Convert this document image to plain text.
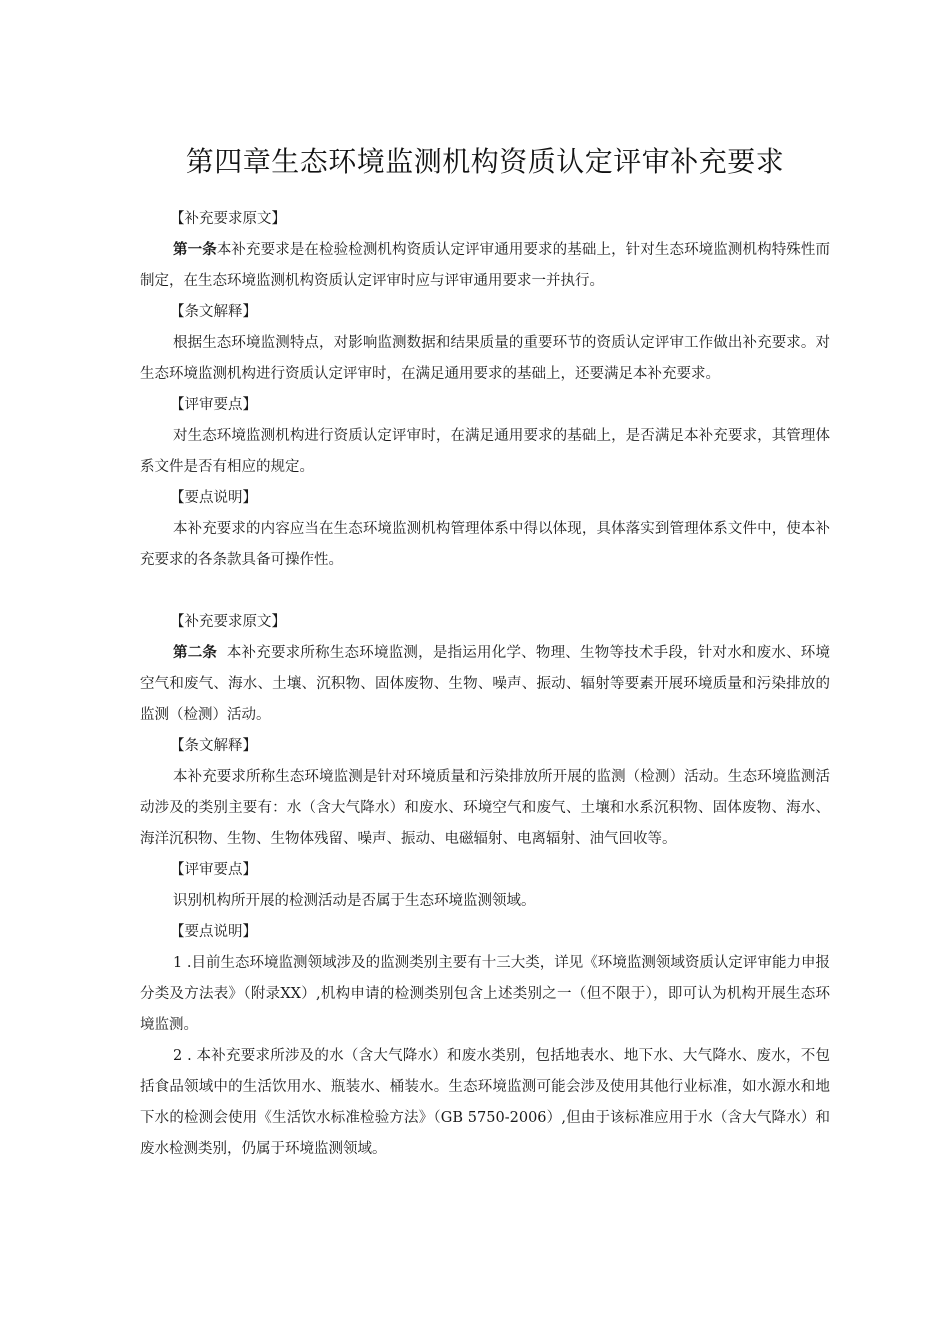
第四章生态环境监测机构资质认定评审补充要求

【补充要求原文】

第一条本补充要求是在检验检测机构资质认定评审通用要求的基础上，针对生态环境监测机构特殊性而制定，在生态环境监测机构资质认定评审时应与评审通用要求一并执行。

【条文解释】

根据生态环境监测特点，对影响监测数据和结果质量的重要环节的资质认定评审工作做出补充要求。对生态环境监测机构进行资质认定评审时，在满足通用要求的基础上，还要满足本补充要求。

【评审要点】

对生态环境监测机构进行资质认定评审时，在满足通用要求的基础上，是否满足本补充要求，其管理体系文件是否有相应的规定。

【要点说明】

本补充要求的内容应当在生态环境监测机构管理体系中得以体现，具体落实到管理体系文件中，使本补充要求的各条款具备可操作性。

【补充要求原文】

第二条 本补充要求所称生态环境监测，是指运用化学、物理、生物等技术手段，针对水和废水、环境空气和废气、海水、土壤、沉积物、固体废物、生物、噪声、振动、辐射等要素开展环境质量和污染排放的监测（检测）活动。

【条文解释】

本补充要求所称生态环境监测是针对环境质量和污染排放所开展的监测（检测）活动。生态环境监测活动涉及的类别主要有：水（含大气降水）和废水、环境空气和废气、土壤和水系沉积物、固体废物、海水、海洋沉积物、生物、生物体残留、噪声、振动、电磁辐射、电离辐射、油气回收等。

【评审要点】

识别机构所开展的检测活动是否属于生态环境监测领域。

【要点说明】

1 .目前生态环境监测领域涉及的监测类别主要有十三大类，详见《环境监测领域资质认定评审能力申报分类及方法表》（附录XX）,机构申请的检测类别包含上述类别之一（但不限于），即可认为机构开展生态环境监测。

2 . 本补充要求所涉及的水（含大气降水）和废水类别，包括地表水、地下水、大气降水、废水，不包括食品领域中的生活饮用水、瓶装水、桶装水。生态环境监测可能会涉及使用其他行业标准，如水源水和地下水的检测会使用《生活饮水标准检验方法》（GB 5750-2006）,但由于该标准应用于水（含大气降水）和废水检测类别，仍属于环境监测领域。
